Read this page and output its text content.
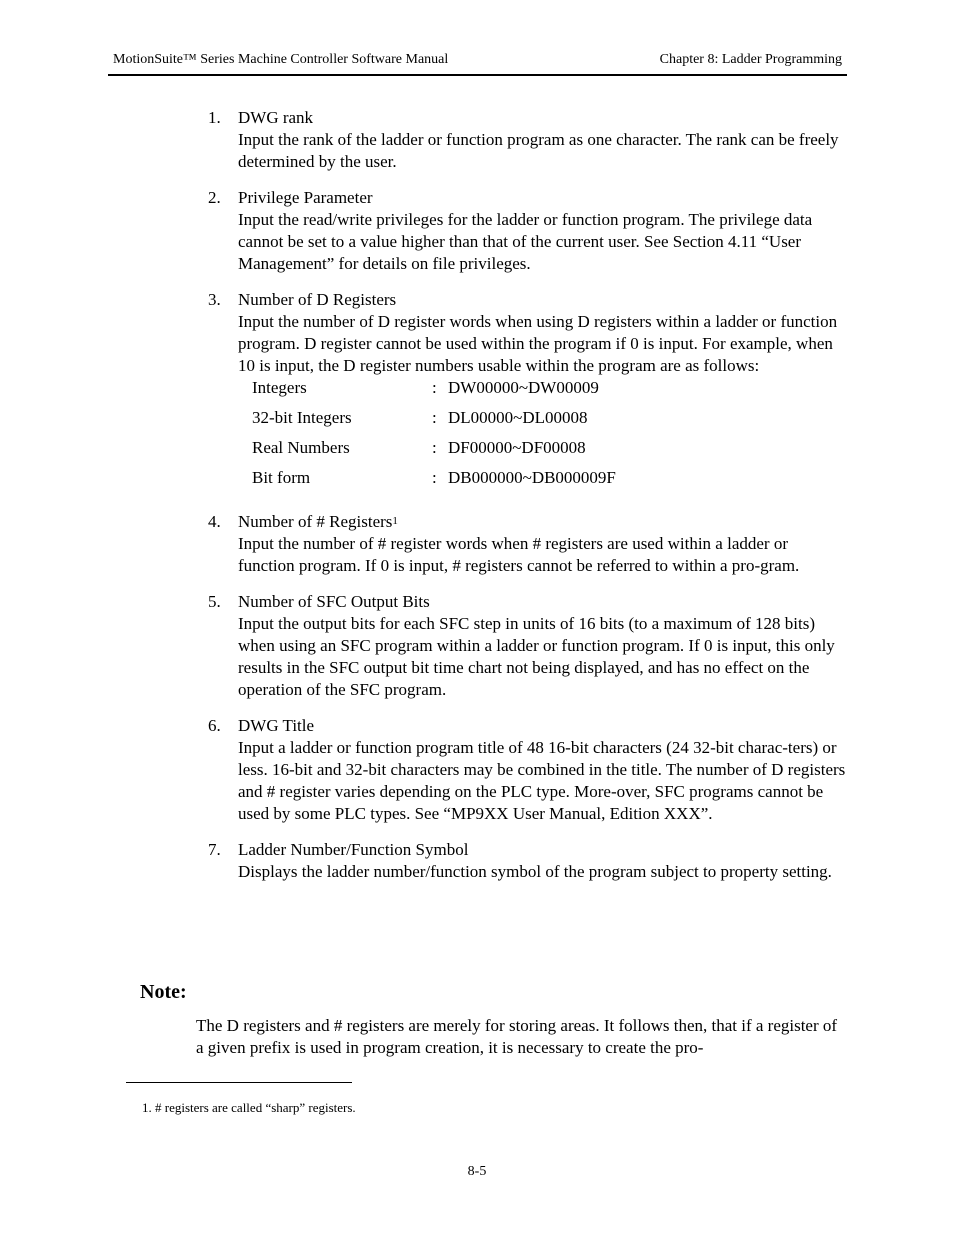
MotionSuite™ Series Machine Controller Software Manual	Chapter 8: Ladder Programming
1.	DWG rank
Input the rank of the ladder or function program as one character. The rank can be freely determined by the user.
2.	Privilege Parameter
Input the read/write privileges for the ladder or function program. The privilege data cannot be set to a value higher than that of the current user. See Section 4.11 “User Management” for details on file privileges.
3.	Number of D Registers
Input the number of D register words when using D registers within a ladder or function program. D register cannot be used within the program if 0 is input. For example, when 10 is input, the D register numbers usable within the program are as follows:
Integers	: DW00000~DW00009
32-bit Integers	: DL00000~DL00008
Real Numbers	: DF00000~DF00008
Bit form	: DB000000~DB000009F
4.	Number of # Registers$^1$
Input the number of # register words when # registers are used within a ladder or function program. If 0 is input, # registers cannot be referred to within a pro-gram.
5.	Number of SFC Output Bits
Input the output bits for each SFC step in units of 16 bits (to a maximum of 128 bits) when using an SFC program within a ladder or function program. If 0 is input, this only results in the SFC output bit time chart not being displayed, and has no effect on the operation of the SFC program.
6.	DWG Title
Input a ladder or function program title of 48 16-bit characters (24 32-bit charac-ters) or less. 16-bit and 32-bit characters may be combined in the title. The number of D registers and # register varies depending on the PLC type. More-over, SFC programs cannot be used by some PLC types. See “MP9XX User Manual, Edition XXX”.
7.	Ladder Number/Function Symbol
Displays the ladder number/function symbol of the program subject to property setting.
Note:
The D registers and # registers are merely for storing areas. It follows then, that if a register of a given prefix is used in program creation, it is necessary to create the pro-
1. # registers are called “sharp” registers.
8-5
